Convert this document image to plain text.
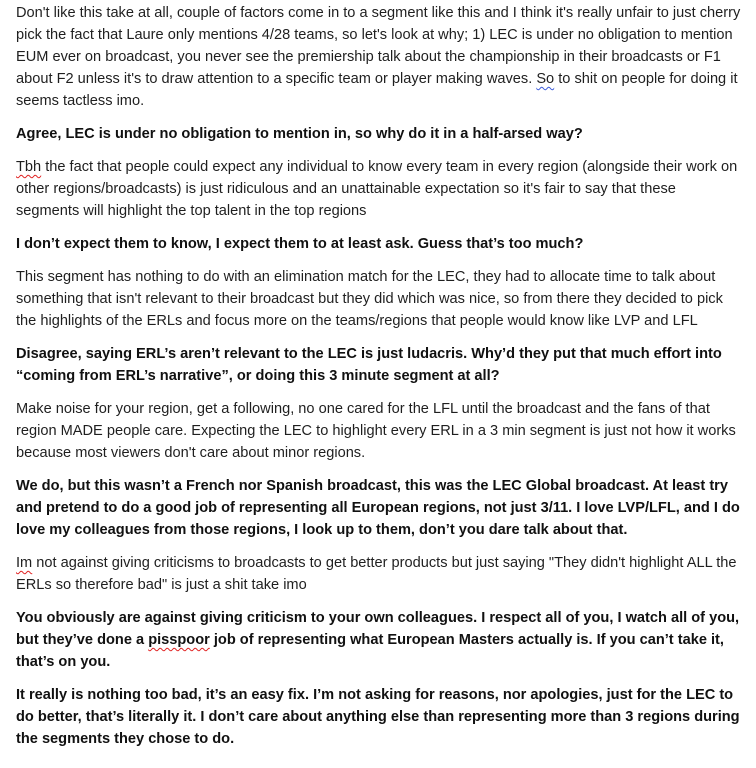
Don't like this take at all, couple of factors come in to a segment like this and I think it's really unfair to just cherry pick the fact that Laure only mentions 4/28 teams, so let's look at why; 1) LEC is under no obligation to mention EUM ever on broadcast, you never see the premiership talk about the championship in their broadcasts or F1 about F2 unless it's to draw attention to a specific team or player making waves. So to shit on people for doing it seems tactless imo.

Agree, LEC is under no obligation to mention in, so why do it in a half-arsed way?

Tbh the fact that people could expect any individual to know every team in every region (alongside their work on other regions/broadcasts) is just ridiculous and an unattainable expectation so it's fair to say that these segments will highlight the top talent in the top regions

I don’t expect them to know, I expect them to at least ask. Guess that’s too much?

This segment has nothing to do with an elimination match for the LEC, they had to allocate time to talk about something that isn't relevant to their broadcast but they did which was nice, so from there they decided to pick the highlights of the ERLs and focus more on the teams/regions that people would know like LVP and LFL

Disagree, saying ERL’s aren’t relevant to the LEC is just ludacris. Why’d they put that much effort into “coming from ERL’s narrative”, or doing this 3 minute segment at all?

Make noise for your region, get a following, no one cared for the LFL until the broadcast and the fans of that region MADE people care. Expecting the LEC to highlight every ERL in a 3 min segment is just not how it works because most viewers don't care about minor regions.

We do, but this wasn’t a French nor Spanish broadcast, this was the LEC Global broadcast. At least try and pretend to do a good job of representing all European regions, not just 3/11. I love LVP/LFL, and I do love my colleagues from those regions, I look up to them, don’t you dare talk about that.

Im not against giving criticisms to broadcasts to get better products but just saying "They didn't highlight ALL the ERLs so therefore bad" is just a shit take imo

You obviously are against giving criticism to your own colleagues. I respect all of you, I watch all of you, but they’ve done a pisspoor job of representing what European Masters actually is. If you can’t take it, that’s on you.

It really is nothing too bad, it’s an easy fix. I’m not asking for reasons, nor apologies, just for the LEC to do better, that’s literally it. I don’t care about anything else than representing more than 3 regions during the segments they chose to do.
